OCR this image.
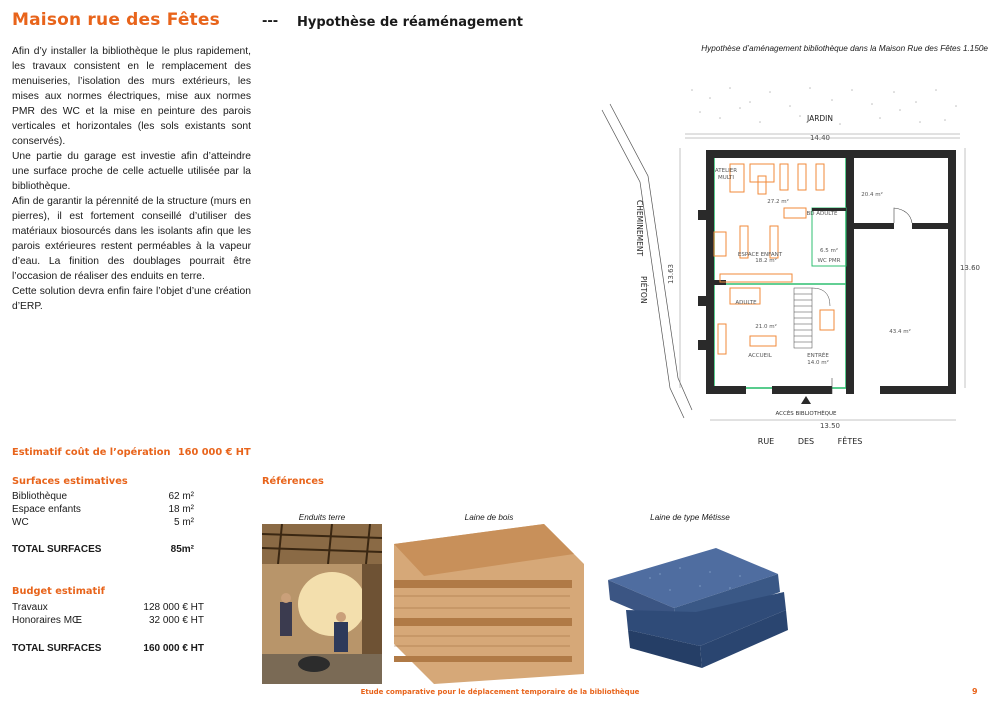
Maison rue des Fêtes	--- Hypothèse de réaménagement

Afin d’y installer la bibliothèque le plus rapidement, les travaux consistent en le remplacement des menuiseries, l’isolation des murs extérieurs, les mises aux normes électriques, mise aux normes PMR des WC et la mise en peinture des parois verticales et horizontales (les sols existants sont conservés).

Une partie du garage est investie afin d’atteindre une surface proche de celle actuelle utilisée par la bibliothèque.

Afin de garantir la pérennité de la structure (murs en pierres), il est fortement conseillé d’utiliser des matériaux biosourcés dans les isolants afin que les parois extérieures restent perméables à la vapeur d’eau. La finition des doublages pourrait être l’occasion de réaliser des enduits en terre.

Cette solution devra enfin faire l’objet d’une création d’ERP.

Hypothèse d’aménagement bibliothèque dans la Maison Rue des Fêtes 1.150e
CHEMINEMENT
PIÉTON
JARDIN
14.40
13.63	13.60
ATELIER
MULTI
27.2 m²
BD ADULTE
ESPACE ENFANT
18.2 m²
6.5 m²
WC PMR
20.4 m²
ADULTE
21.0 m²
ACCUEIL	ENTRÉE
14.0 m²
43.4 m²
ACCÈS BIBLIOTHÈQUE
13.50
RUE	DES	FÊTES
Estimatif coût de l’opération 160 000 € HT
Surfaces estimatives
Bibliothèque	62 m²
Espace enfants	18 m²
WC	5 m²
TOTAL SURFACES	85m²
Budget estimatif
Travaux	128 000 € HT
Honoraires MŒ	32 000 € HT
TOTAL SURFACES	160 000 € HT
Références
Enduits terre	Laine de bois	Laine de type Métisse
Etude comparative pour le déplacement temporaire de la bibliothèque	9
